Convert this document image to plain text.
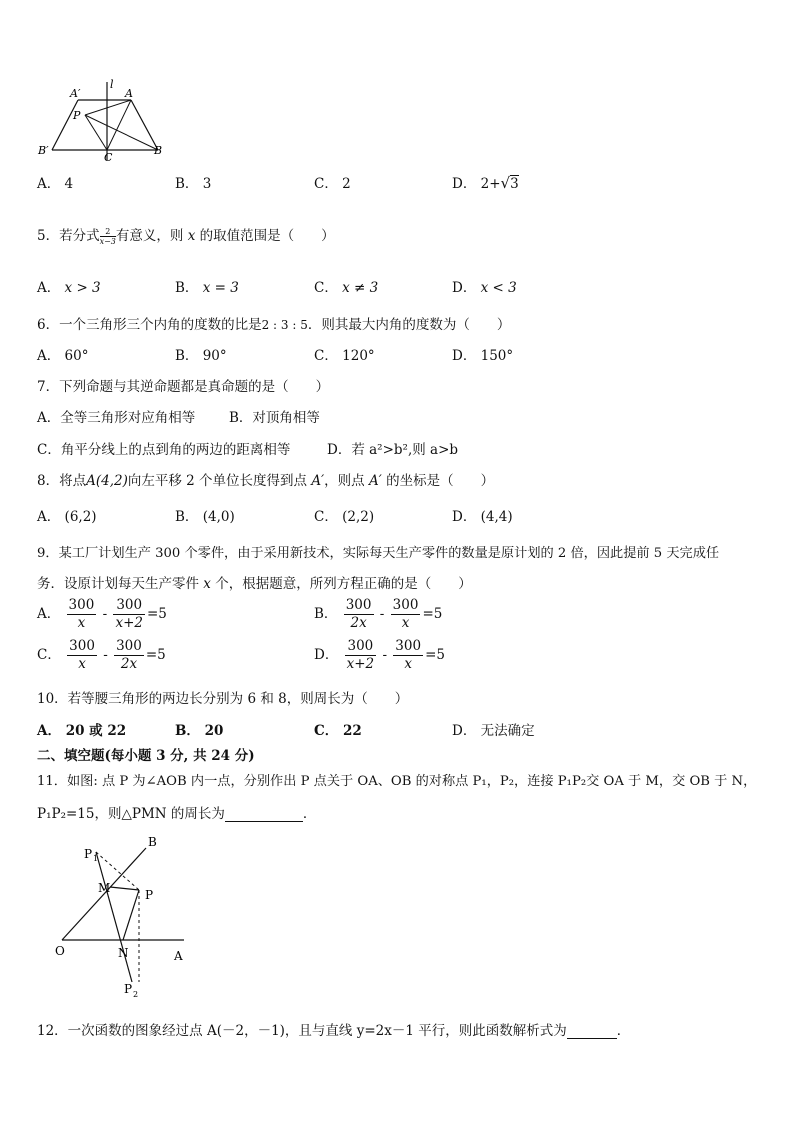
A′	A
l
P
B′
C
B
A． 4	B． 3	C． 2	D． 2+√3
5．若分式 $\frac{2}{x-3}$ 有意义，则 x 的取值范围是（　　）
A． x > 3	B． x = 3	C． x ≠ 3	D． x < 3
6．一个三角形三个内角的度数的比是2 : 3 : 5．则其最大内角的度数为（　　）
A． 60°	B． 90°	C． 120°	D． 150°
7．下列命题与其逆命题都是真命题的是（　　）
A．全等三角形对应角相等	B．对顶角相等
C．角平分线上的点到角的两边的距离相等	D．若 a²>b²,则 a>b
8．将点A(4,2)向左平移 2 个单位长度得到点 A′，则点 A′ 的坐标是（　　）
A． (6,2)	B． (4,0)	C． (2,2)	D． (4,4)
9．某工厂计划生产 300 个零件，由于采用新技术，实际每天生产零件的数量是原计划的 2 倍，因此提前 5 天完成任
务．设原计划每天生产零件 x 个，根据题意，所列方程正确的是（　　）
A． $\frac{300}{x} - \frac{300}{x+2} =5$	B． $\frac{300}{2x} - \frac{300}{x} =5$
C． $\frac{300}{x} - \frac{300}{2x} =5$	D． $\frac{300}{x+2} - \frac{300}{x} =5$
10．若等腰三角形的两边长分别为 6 和 8，则周长为（　　）
A． 20 或 22	B． 20	C． 22	D． 无法确定
二、填空题(每小题 3 分, 共 24 分)
11．如图: 点 P 为∠AOB 内一点，分别作出 P 点关于 OA、OB 的对称点 P₁，P₂，连接 P₁P₂交 OA 于 M，交 OB 于 N，
P₁P₂=15，则△PMN 的周长为	．
B
P 1
M	P
O	N	A
P 2
12．一次函数的图象经过点 A(－2，－1)，且与直线 y=2x－1 平行，则此函数解析式为	．
